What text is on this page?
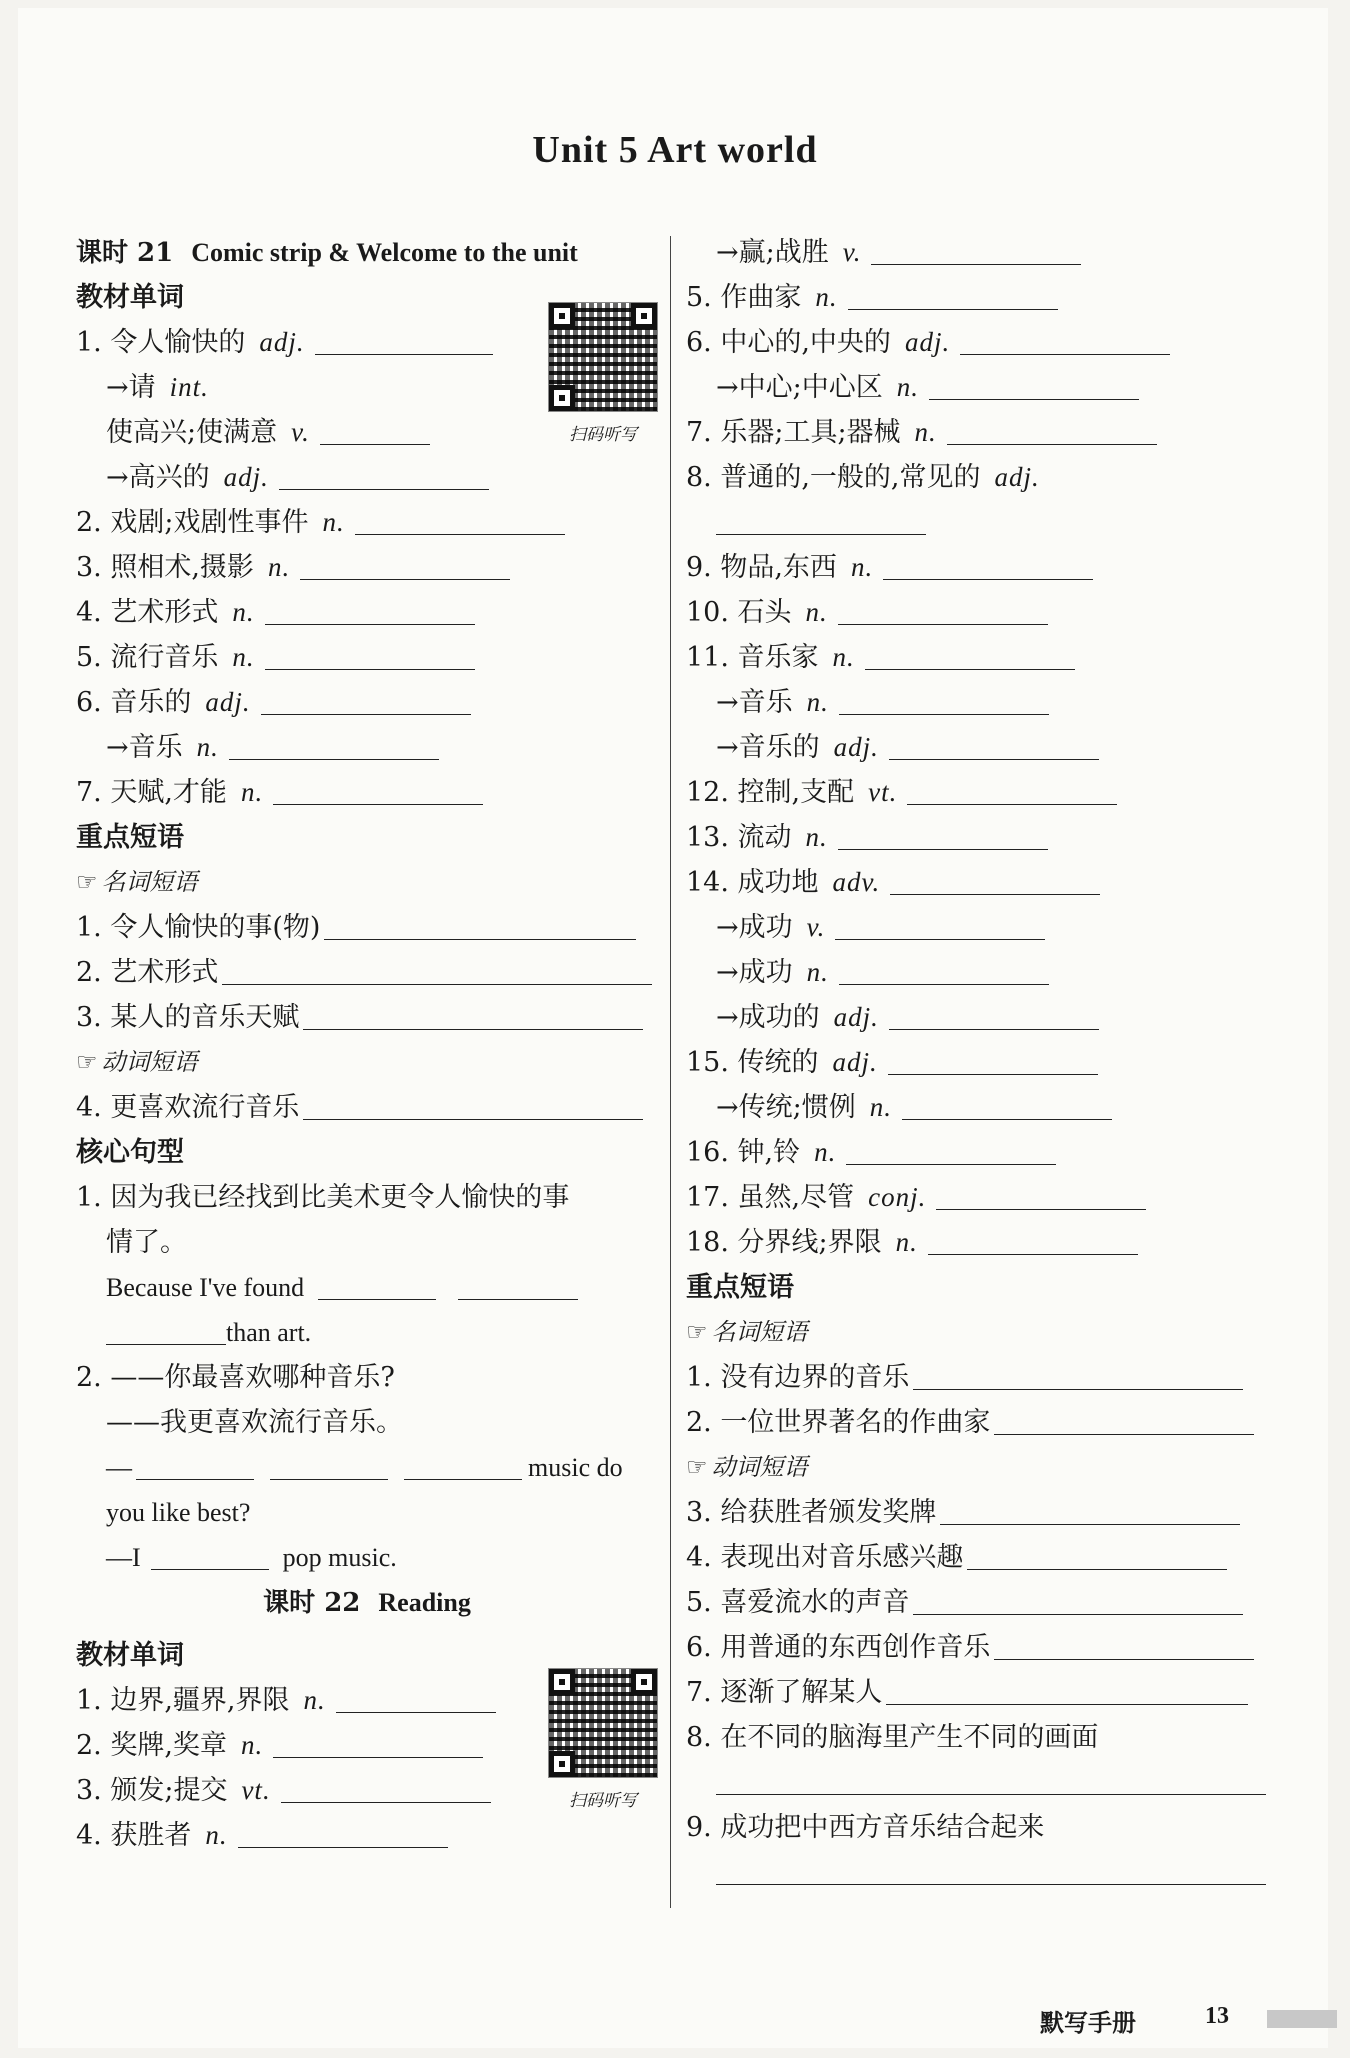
Unit 5 Art world
课时 21 Comic strip & Welcome to the unit
教材单词
1. 令人愉快的 adj.
→请 int.
使高兴;使满意 v.
→高兴的 adj.
2. 戏剧;戏剧性事件 n.
3. 照相术,摄影 n.
4. 艺术形式 n.
5. 流行音乐 n.
6. 音乐的 adj.
→音乐 n.
7. 天赋,才能 n.
重点短语
☞ 名词短语
1. 令人愉快的事(物)
2. 艺术形式
3. 某人的音乐天赋
☞ 动词短语
4. 更喜欢流行音乐
核心句型
1. 因为我已经找到比美术更令人愉快的事
情了。
Because I've found
than art.
2. ——你最喜欢哪种音乐?
——我更喜欢流行音乐。
—	music do
you like best?
—I	pop music.
课时 22 Reading
教材单词
1. 边界,疆界,界限 n.
2. 奖牌,奖章 n.
3. 颁发;提交 vt.
4. 获胜者 n.
扫码听写
扫码听写
→赢;战胜 v.
5. 作曲家 n.
6. 中心的,中央的 adj.
→中心;中心区 n.
7. 乐器;工具;器械 n.
8. 普通的,一般的,常见的 adj.
9. 物品,东西 n.
10. 石头 n.
11. 音乐家 n.
→音乐 n.
→音乐的 adj.
12. 控制,支配 vt.
13. 流动 n.
14. 成功地 adv.
→成功 v.
→成功 n.
→成功的 adj.
15. 传统的 adj.
→传统;惯例 n.
16. 钟,铃 n.
17. 虽然,尽管 conj.
18. 分界线;界限 n.
重点短语
☞ 名词短语
1. 没有边界的音乐
2. 一位世界著名的作曲家
☞ 动词短语
3. 给获胜者颁发奖牌
4. 表现出对音乐感兴趣
5. 喜爱流水的声音
6. 用普通的东西创作音乐
7. 逐渐了解某人
8. 在不同的脑海里产生不同的画面
9. 成功把中西方音乐结合起来
默写手册	13
